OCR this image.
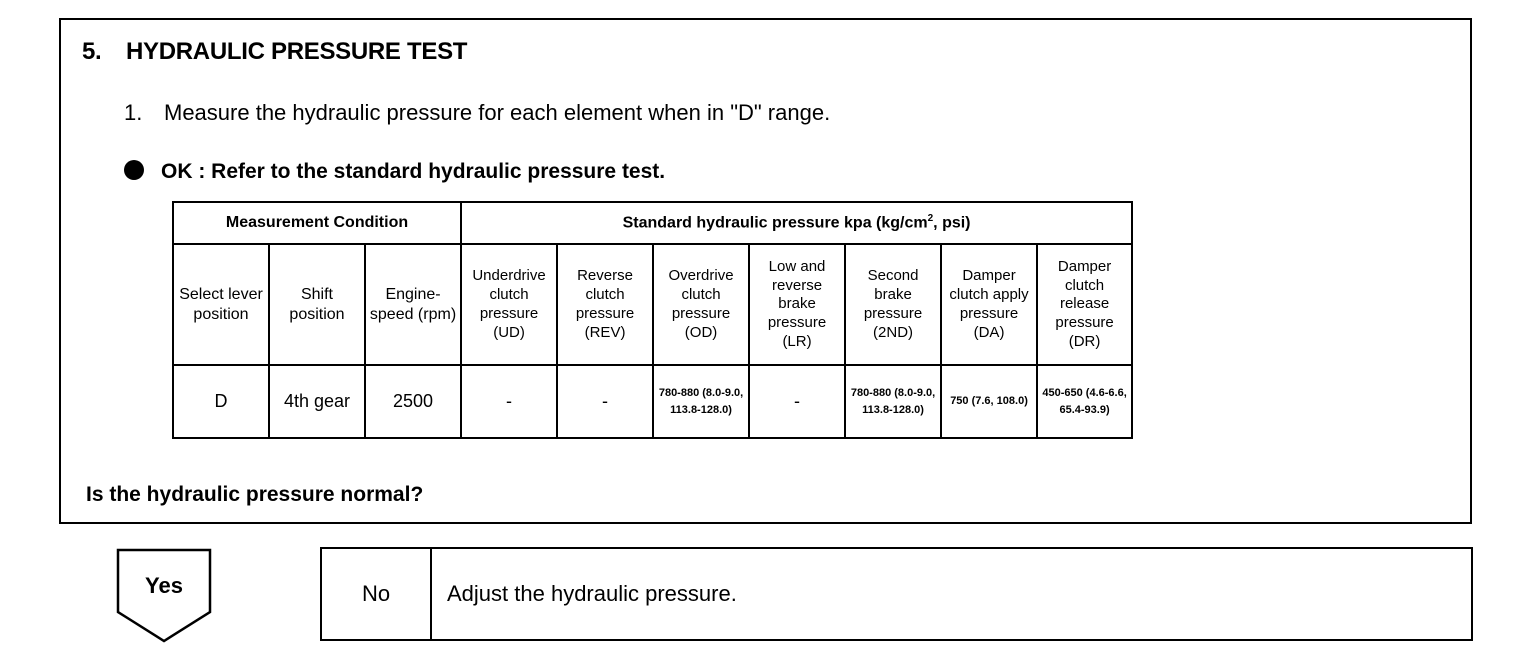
5. HYDRAULIC PRESSURE TEST
1. Measure the hydraulic pressure for each element when in "D" range.
OK : Refer to the standard hydraulic pressure test.
Measurement Condition			Standard hydraulic pressure kpa ($kg/cm^2$, psi)						
Select lever position	Shift position	Engine-speed (rpm)	Underdrive clutch pressure (UD)	Reverse clutch pressure (REV)	Overdrive clutch pressure (OD)	Low and reverse brake pressure (LR)	Second brake pressure (2ND)	Damper clutch apply pressure (DA)	Damper clutch release pressure (DR)
D	4th gear	2500	-	-	780-880 (8.0-9.0, 113.8-128.0)	-	780-880 (8.0-9.0, 113.8-128.0)	750 (7.6, 108.0)	450-650 (4.6-6.6, 65.4-93.9)
Is the hydraulic pressure normal?
Yes	No	Adjust the hydraulic pressure.
